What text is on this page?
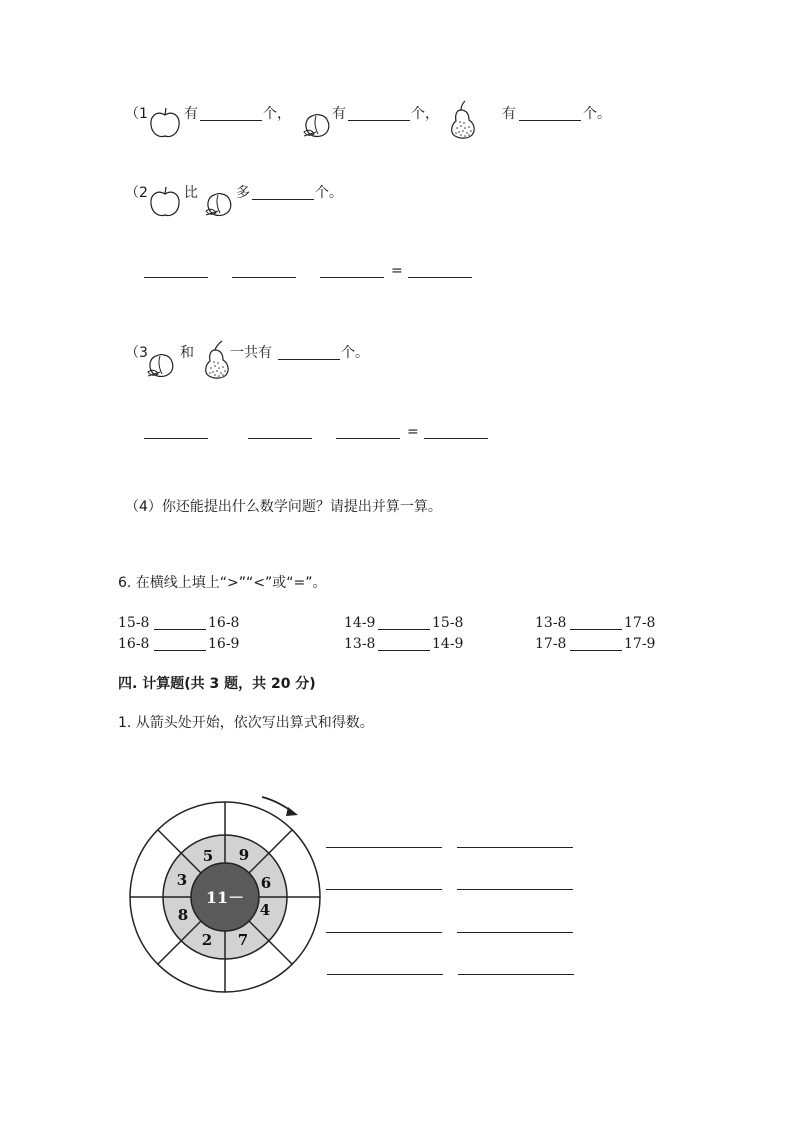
（1	有	个，	有	个，	有	个。
（2	比	多	个。
=
（3 和	一共有	个。
=
（4）你还能提出什么数学问题？请提出并算一算。
6. 在横线上填上“>”“<”或“=”。
15-8	16-8	14-9	15-8	13-8	17-8
16-8	16-9	13-8	14-9	17-8	17-9
四. 计算题(共 3 题，共 20 分)
1. 从箭头处开始，依次写出算式和得数。
11－
9
6
4
7
2
8
3
5
